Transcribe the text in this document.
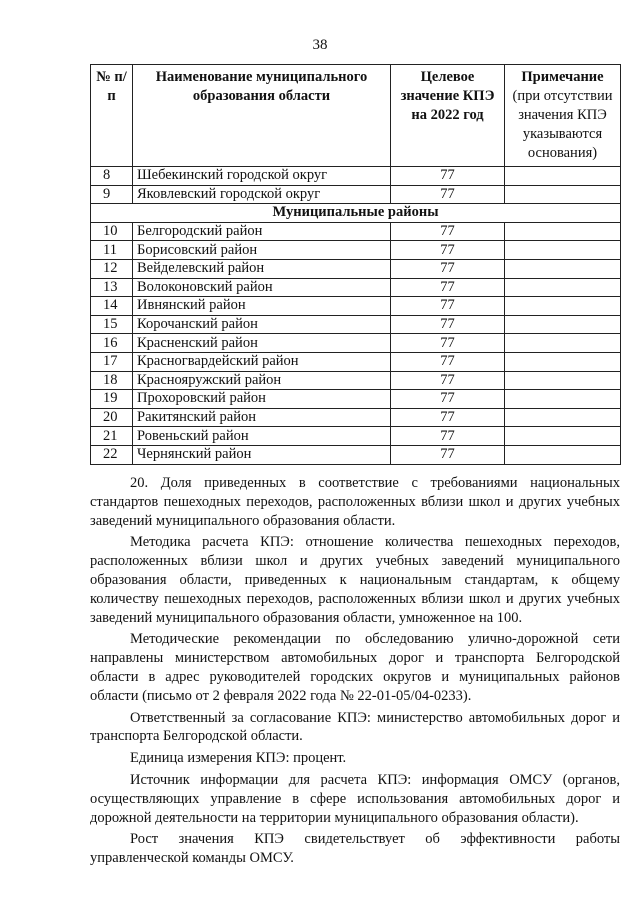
38
№ п/п	Наименование муниципального образования области	Целевое значение КПЭ на 2022 год	Примечание
(при отсутствии значения КПЭ указываются основания)
8	Шебекинский городской округ	77	
9	Яковлевский городской округ	77	
Муниципальные районы			
10	Белгородский район	77	
11	Борисовский район	77	
12	Вейделевский район	77	
13	Волоконовский район	77	
14	Ивнянский район	77	
15	Корочанский район	77	
16	Красненский район	77	
17	Красногвардейский район	77	
18	Краснояружский район	77	
19	Прохоровский район	77	
20	Ракитянский район	77	
21	Ровеньский район	77	
22	Чернянский район	77	

20. Доля приведенных в соответствие с требованиями национальных стандартов пешеходных переходов, расположенных вблизи школ и других учебных заведений муниципального образования области.

Методика расчета КПЭ: отношение количества пешеходных переходов, расположенных вблизи школ и других учебных заведений муниципального образования области, приведенных к национальным стандартам, к общему количеству пешеходных переходов, расположенных вблизи школ и других учебных заведений муниципального образования области, умноженное на 100.

Методические рекомендации по обследованию улично-дорожной сети направлены министерством автомобильных дорог и транспорта Белгородской области в адрес руководителей городских округов и муниципальных районов области (письмо от 2 февраля 2022 года № 22-01-05/04-0233).

Ответственный за согласование КПЭ: министерство автомобильных дорог и транспорта Белгородской области.

Единица измерения КПЭ: процент.

Источник информации для расчета КПЭ: информация ОМСУ (органов, осуществляющих управление в сфере использования автомобильных дорог и дорожной деятельности на территории муниципального образования области).

Рост значения КПЭ свидетельствует об эффективности работы управленческой команды ОМСУ.
